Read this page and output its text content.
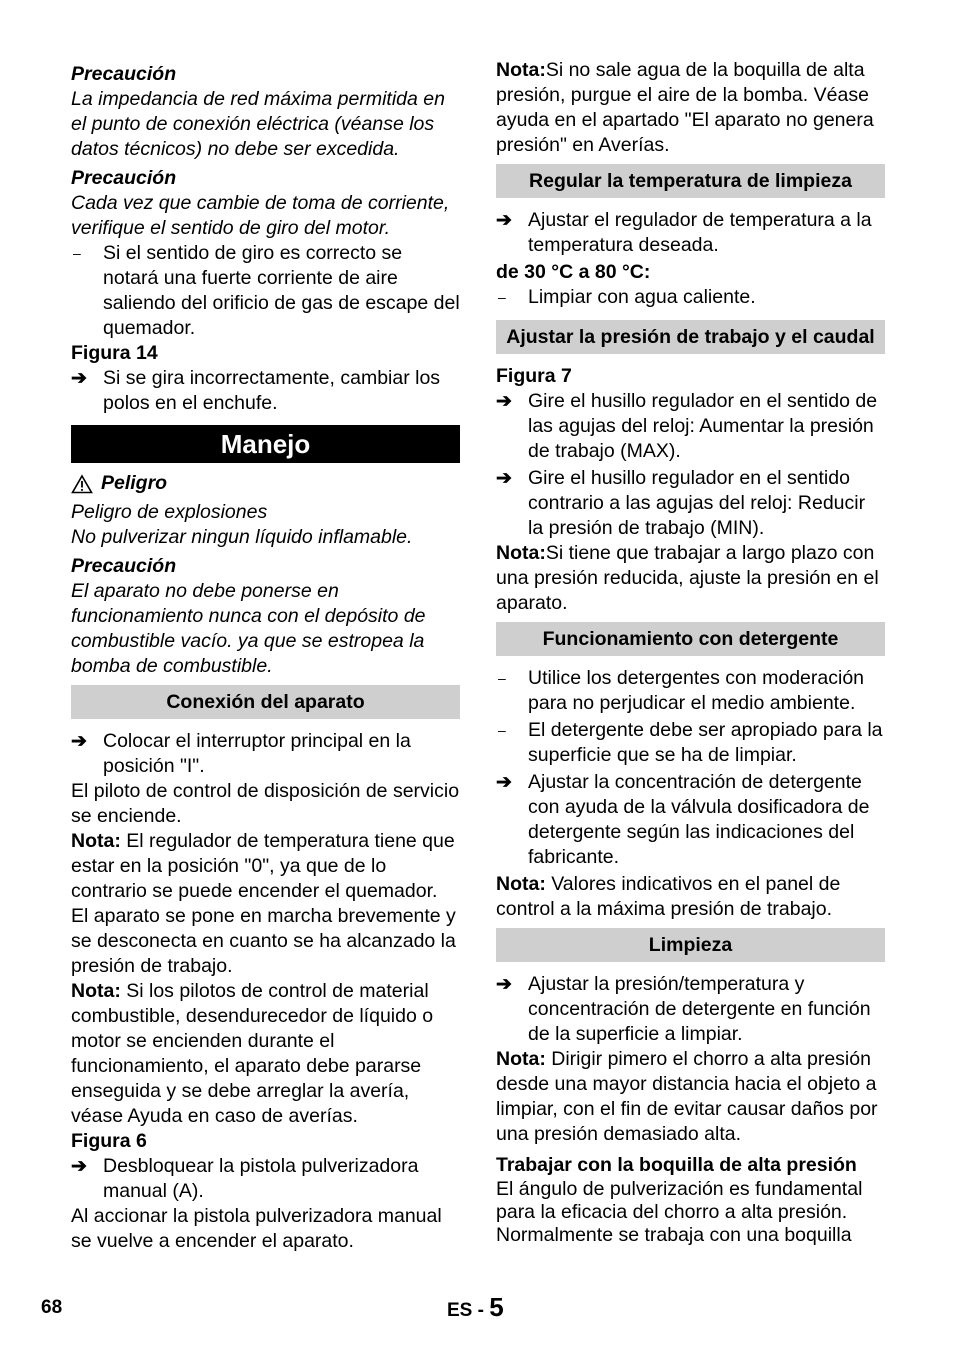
Precaución

La impedancia de red máxima permitida en el punto de conexión eléctrica (véanse los datos técnicos) no debe ser excedida.

Precaución

Cada vez que cambie de toma de corriente, verifique el sentido de giro del motor.

–	Si el sentido de giro es correcto se notará una fuerte corriente de aire saliendo del orificio de gas de escape del quemador.
Figura 14
➔ Si se gira incorrectamente, cambiar los polos en el enchufe.
Manejo
Peligro

Peligro de explosiones

No pulverizar ningun líquido inflamable.

Precaución

El aparato no debe ponerse en funcionamiento nunca con el depósito de combustible vacío. ya que se estropea la bomba de combustible.

Conexión del aparato
➔ Colocar el interruptor principal en la posición "I".

El piloto de control de disposición de servicio se enciende.

Nota: El regulador de temperatura tiene que estar en la posición "0", ya que de lo contrario se puede encender el quemador.

El aparato se pone en marcha brevemente y se desconecta en cuanto se ha alcanzado la presión de trabajo.

Nota: Si los pilotos de control de material combustible, desendurecedor de líquido o motor se encienden durante el funcionamiento, el aparato debe pararse enseguida y se debe arreglar la avería, véase Ayuda en caso de averías.

Figura 6
➔ Desbloquear la pistola pulverizadora manual (A).

Al accionar la pistola pulverizadora manual se vuelve a encender el aparato.

Nota:Si no sale agua de la boquilla de alta presión, purgue el aire de la bomba. Véase ayuda en el apartado "El aparato no genera presión" en Averías.

Regular la temperatura de limpieza
➔ Ajustar el regulador de temperatura a la temperatura deseada.
de 30 °C a 80 °C:
–	Limpiar con agua caliente.
Ajustar la presión de trabajo y el caudal
Figura 7
➔ Gire el husillo regulador en el sentido de las agujas del reloj: Aumentar la presión de trabajo (MAX).
➔ Gire el husillo regulador en el sentido contrario a las agujas del reloj: Reducir la presión de trabajo (MIN).

Nota:Si tiene que trabajar a largo plazo con una presión reducida, ajuste la presión en el aparato.

Funcionamiento con detergente
–	Utilice los detergentes con moderación para no perjudicar el medio ambiente.
–	El detergente debe ser apropiado para la superficie que se ha de limpiar.
➔ Ajustar la concentración de detergente con ayuda de la válvula dosificadora de detergente según las indicaciones del fabricante.

Nota: Valores indicativos en el panel de control a la máxima presión de trabajo.

Limpieza
➔ Ajustar la presión/temperatura y concentración de detergente en función de la superficie a limpiar.

Nota: Dirigir pimero el chorro a alta presión desde una mayor distancia hacia el objeto a limpiar, con el fin de evitar causar daños por una presión demasiado alta.

Trabajar con la boquilla de alta presión

El ángulo de pulverización es fundamental para la eficacia del chorro a alta presión. Normalmente se trabaja con una boquilla

68	ES - 5
